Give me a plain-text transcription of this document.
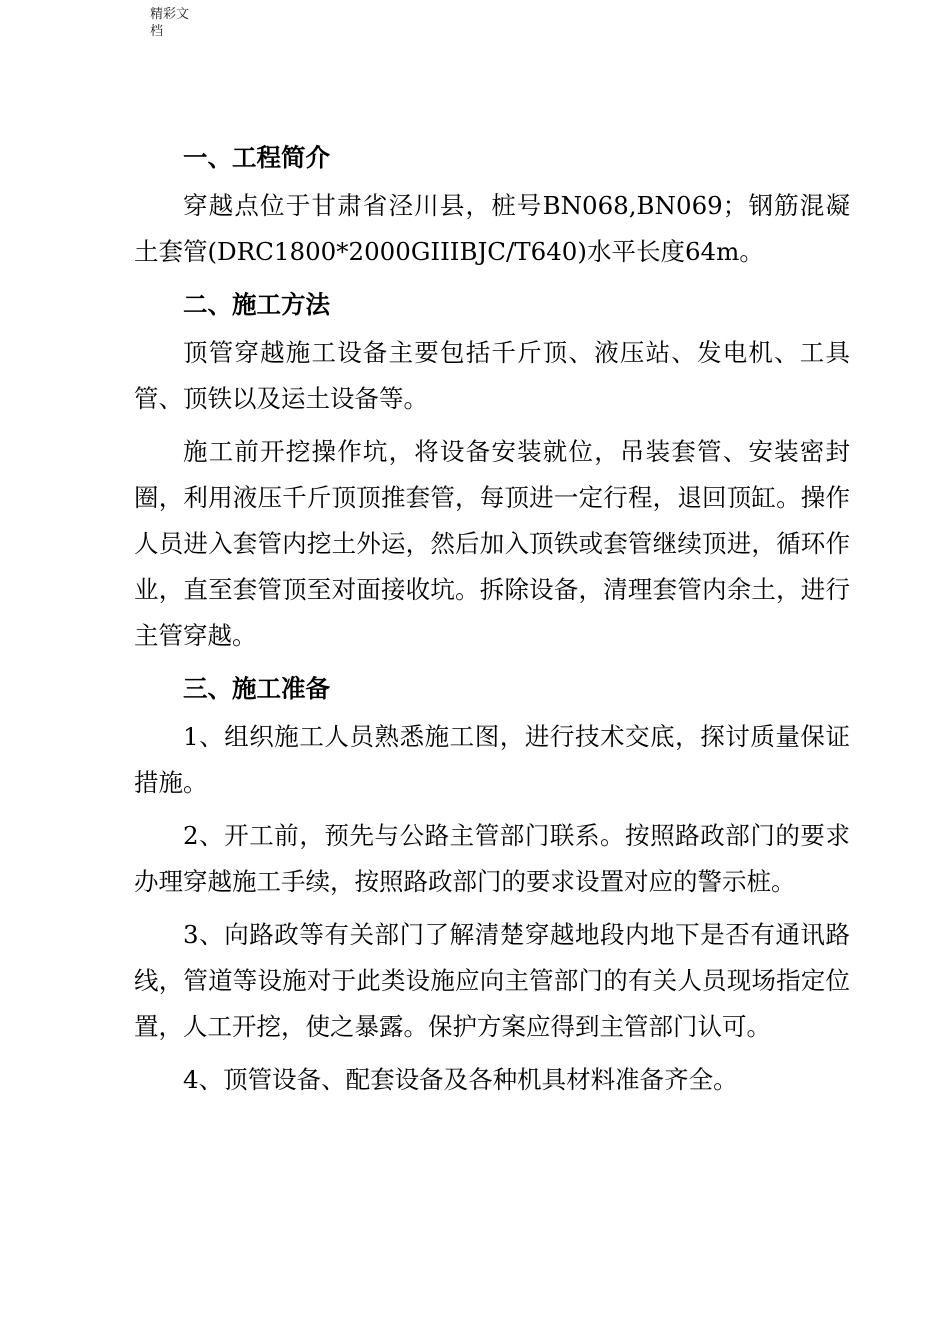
精彩文档
一、工程简介

穿越点位于甘肃省泾川县，桩号BN068,BN069；钢筋混凝土套管(DRC1800*2000GIIIBJC/T640)水平长度64m。

二、施工方法

顶管穿越施工设备主要包括千斤顶、液压站、发电机、工具管、顶铁以及运土设备等。

施工前开挖操作坑，将设备安装就位，吊装套管、安装密封圈，利用液压千斤顶顶推套管，每顶进一定行程，退回顶缸。操作人员进入套管内挖土外运，然后加入顶铁或套管继续顶进，循环作业，直至套管顶至对面接收坑。拆除设备，清理套管内余土，进行主管穿越。

三、施工准备

1、组织施工人员熟悉施工图，进行技术交底，探讨质量保证措施。

2、开工前，预先与公路主管部门联系。按照路政部门的要求办理穿越施工手续，按照路政部门的要求设置对应的警示桩。

3、向路政等有关部门了解清楚穿越地段内地下是否有通讯路线，管道等设施对于此类设施应向主管部门的有关人员现场指定位置，人工开挖，使之暴露。保护方案应得到主管部门认可。

4、顶管设备、配套设备及各种机具材料准备齐全。
